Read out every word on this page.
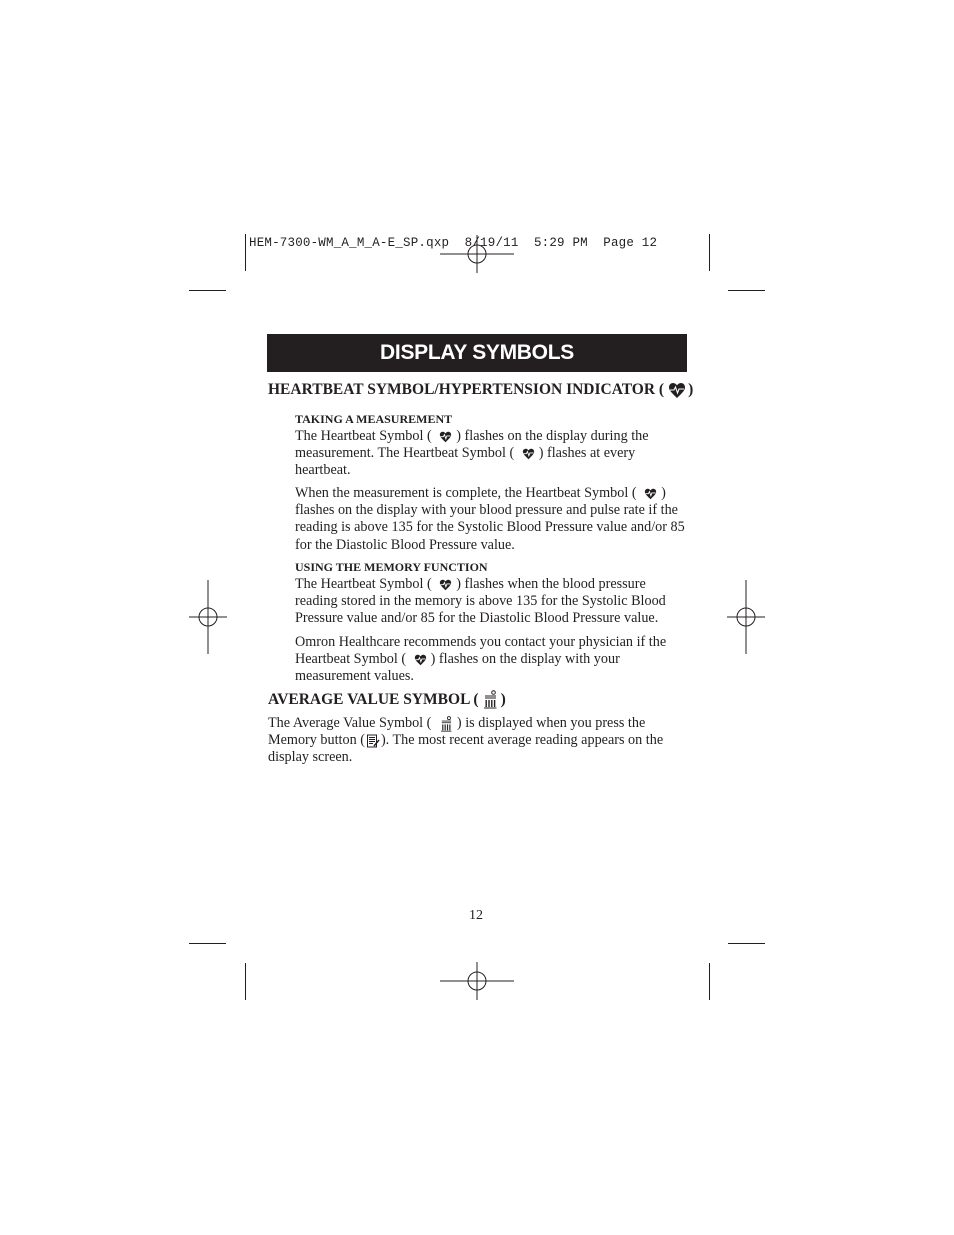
HEM-7300-WM_A_M_A-E_SP.qxp  8/19/11  5:29 PM  Page 12
DISPLAY SYMBOLS
HEARTBEAT SYMBOL/HYPERTENSION INDICATOR ( )
TAKING A MEASUREMENT
The Heartbeat Symbol ( ) flashes on the display during the
measurement. The Heartbeat Symbol ( ) flashes at every
heartbeat.
When the measurement is complete, the Heartbeat Symbol ( )
flashes on the display with your blood pressure and pulse rate if the
reading is above 135 for the Systolic Blood Pressure value and/or 85
for the Diastolic Blood Pressure value.
USING THE MEMORY FUNCTION
The Heartbeat Symbol ( ) flashes when the blood pressure
reading stored in the memory is above 135 for the Systolic Blood
Pressure value and/or 85 for the Diastolic Blood Pressure value.
Omron Healthcare recommends you contact your physician if the
Heartbeat Symbol ( ) flashes on the display with your
measurement values.
AVERAGE VALUE SYMBOL ( )
The Average Value Symbol ( ) is displayed when you press the
Memory button ( ). The most recent average reading appears on the
display screen.
12
